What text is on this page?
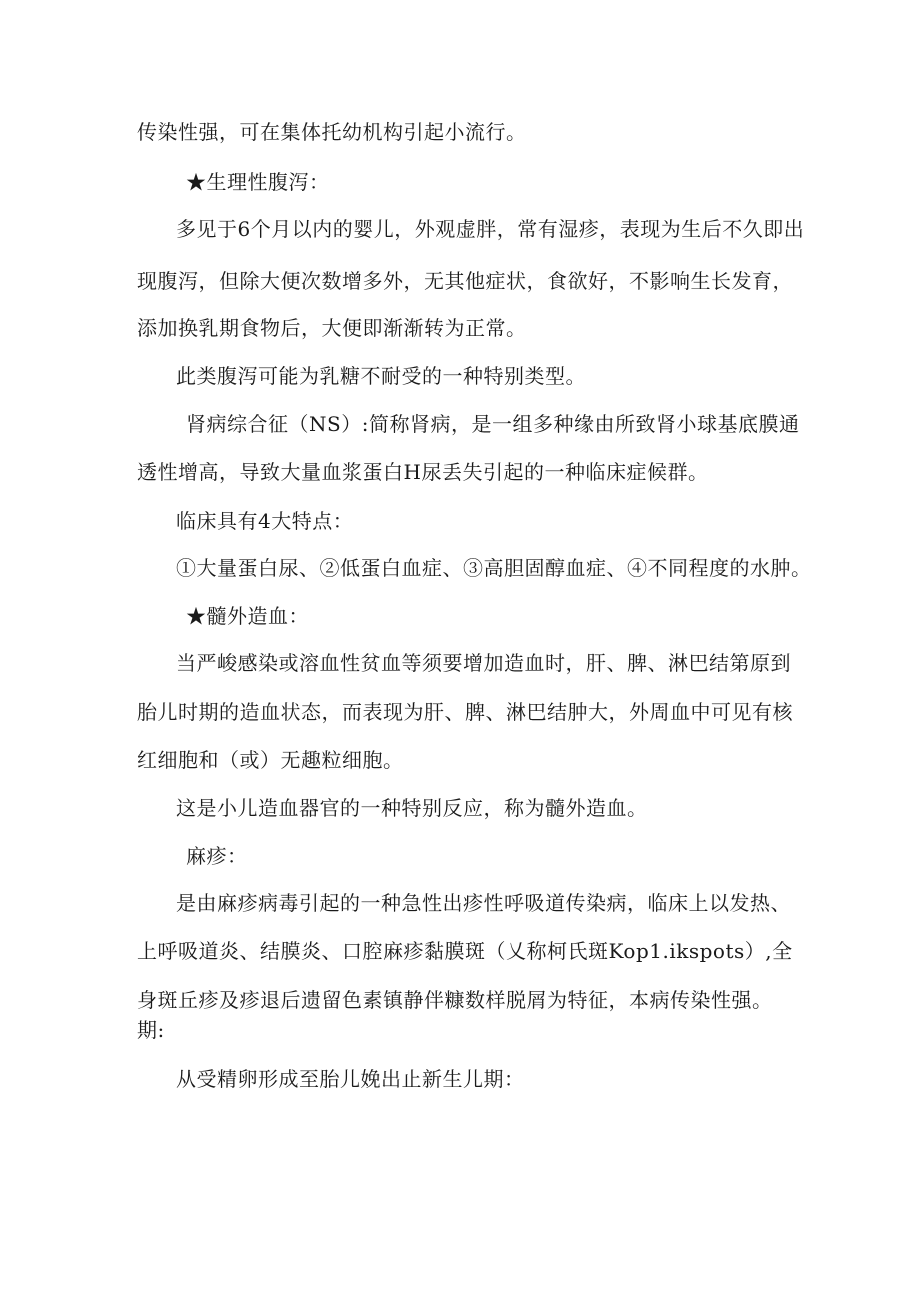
传染性强，可在集体托幼机构引起小流行。
★生理性腹泻：
多见于6个月以内的婴儿，外观虚胖，常有湿疹，表现为生后不久即出
现腹泻，但除大便次数增多外，无其他症状，食欲好，不影响生长发育，
添加换乳期食物后，大便即渐渐转为正常。
此类腹泻可能为乳糖不耐受的一种特别类型。
肾病综合征（NS）:简称肾病，是一组多种缘由所致肾小球基底膜通
透性增高，导致大量血浆蛋白H尿丢失引起的一种临床症候群。
临床具有4大特点：
①大量蛋白尿、②低蛋白血症、③高胆固醇血症、④不同程度的水肿。
★髓外造血：
当严峻感染或溶血性贫血等须要增加造血时，肝、脾、淋巴结第原到
胎儿时期的造血状态，而表现为肝、脾、淋巴结肿大，外周血中可见有核
红细胞和（或）无趣粒细胞。
这是小儿造血器官的一种特别反应，称为髓外造血。
麻疹：
是由麻疹病毒引起的一种急性出疹性呼吸道传染病，临床上以发热、
上呼吸道炎、结膜炎、口腔麻疹黏膜斑（乂称柯氏斑Kop1.ikspots）,全
身斑丘疹及疹退后遗留色素镇静伴糠数样脱屑为特征，本病传染性强。
期:
从受精卵形成至胎儿娩出止新生儿期：
